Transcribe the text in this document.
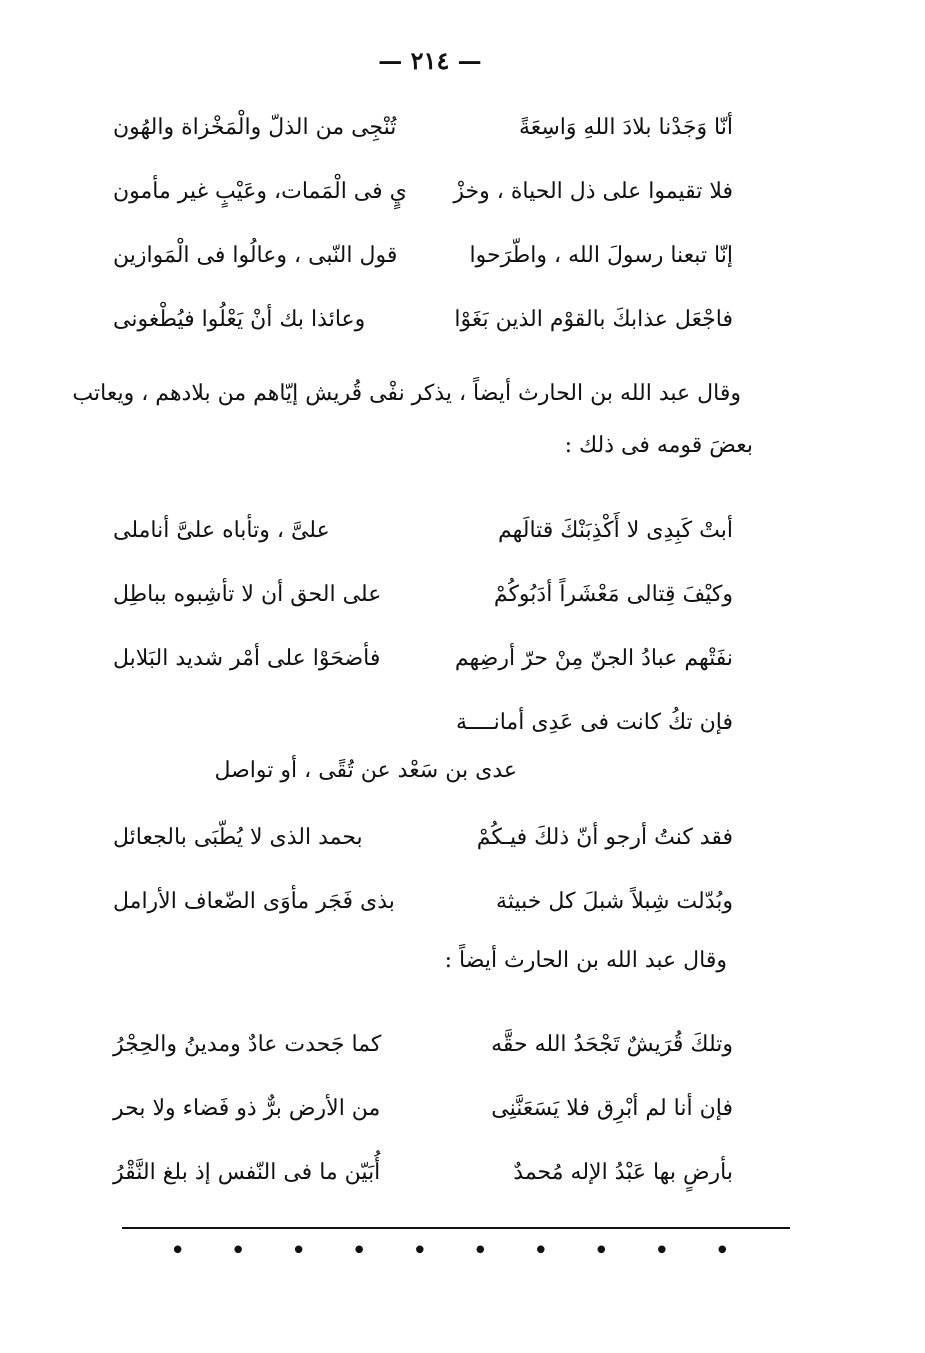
— ٢١٤ —
أنّا وَجَدْنا بلادَ اللهِ وَاسِعَةً
تُنْجِى من الذلّ والْمَخْزاة والهُون
فلا تقيموا على ذل الحياة ، وخزْ
يٍ فى الْمَمات، وعَيْبٍ غير مأمون
إنّا تبعنا رسولَ الله ، واطّرَحوا
قول النّبى ، وعالُوا فى الْمَوازين
فاجْعَل عذابكَ بالقوْم الذين بَغَوْا
وعائذا بك أنْ يَعْلُوا فيُطْغونى
وقال عبد الله بن الحارث أيضاً ، يذكر نفْى قُريش إيّاهم من بلادهم ، ويعاتب
بعضَ قومه فى ذلك :
أبتْ كَبِدِى لا أَكْذِبَنْكَ قتالَهم
علىَّ ، وتأباه علىَّ أناملى
وكيْفَ قِتالى مَعْشَراً أدَبُوكُمْ
على الحق أن لا تأشِبوه بباطِل
نفَتْهم عبادُ الجنّ مِنْ حرّ أرضِهم
فأضحَوْا على أمْر شديد البَلابل
فإن تكُ كانت فى عَدِى أمانــــة
عدى بن سَعْد عن تُقًى ، أو تواصل
فقد كنتُ أرجو أنّ ذلكَ فيـكُمْ
بحمد الذى لا يُطّبَى بالجعائل
وبُدّلت شِبلاً شبلَ كل خبيثة
بذى فَجَر مأوَى الضّعاف الأرامل
وقال عبد الله بن الحارث أيضاً :
وتلكَ قُرَيشٌ تَجْحَدُ الله حقَّه
كما جَحدت عادٌ ومدينُ والحِجْرُ
فإن أنا لم أبْرِق فلا يَسَعَنَّنِى
من الأرض برٌّ ذو فَضاء ولا بحر
بأرضٍ بها عَبْدُ الإله مُحمدٌ
أُبَيّن ما فى النّفس إذ بلغ النَّقْرُ
• • • • • • • • • •
